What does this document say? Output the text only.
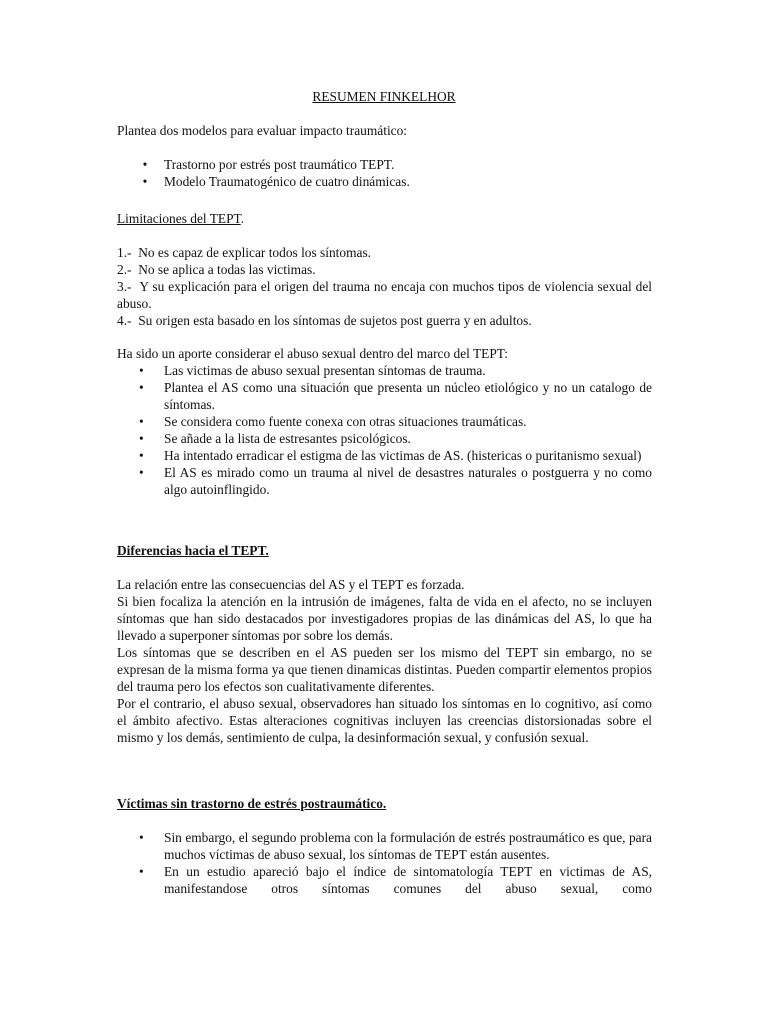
RESUMEN FINKELHOR
Plantea dos modelos para evaluar impacto traumático:
• Trastorno por estrés post traumático TEPT.
• Modelo Traumatogénico de cuatro dinámicas.
Limitaciones del TEPT.
1.- No es capaz de explicar todos los síntomas.
2.- No se aplica a todas las victimas.
3.- Y su explicación para el origen del trauma no encaja con muchos tipos de violencia sexual del abuso.
4.- Su origen esta basado en los síntomas de sujetos post guerra y en adultos.
Ha sido un aporte considerar el abuso sexual dentro del marco del TEPT:
•	Las victimas de abuso sexual presentan síntomas de trauma.
•	Plantea el AS como una situación que presenta un núcleo etiológico y no un catalogo de síntomas.
•	Se considera como fuente conexa con otras situaciones traumáticas.
•	Se añade a la lista de estresantes psicológicos.
•	Ha intentado erradicar el estigma de las victimas de AS. (histericas o puritanismo sexual)
•	El AS es mirado como un trauma al nivel de desastres naturales o postguerra y no como algo autoinflingido.
Diferencias hacia el TEPT.
La relación entre las consecuencias del AS y el TEPT es forzada.
Si bien focaliza la atención en la intrusión de imágenes, falta de vida en el afecto, no se incluyen síntomas que han sido destacados por investigadores propias de las dinámicas del AS, lo que ha llevado a superponer síntomas por sobre los demás.
Los síntomas que se describen en el AS pueden ser los mismo del TEPT sin embargo, no se expresan de la misma forma ya que tienen dinamicas distintas. Pueden compartir elementos propios del trauma pero los efectos son cualitativamente diferentes.
Por el contrario, el abuso sexual, observadores han situado los síntomas en lo cognitivo, así como el ámbito afectivo. Estas alteraciones cognitivas incluyen las creencias distorsionadas sobre el mismo y los demás, sentimiento de culpa, la desinformación sexual, y confusión sexual.
Víctimas sin trastorno de estrés postraumático.
•	Sin embargo, el segundo problema con la formulación de estrés postraumático es que, para muchos víctimas de abuso sexual, los síntomas de TEPT están ausentes.
•	En un estudio apareció bajo el índice de sintomatología TEPT en victimas de AS, manifestandose otros síntomas comunes del abuso sexual, como
